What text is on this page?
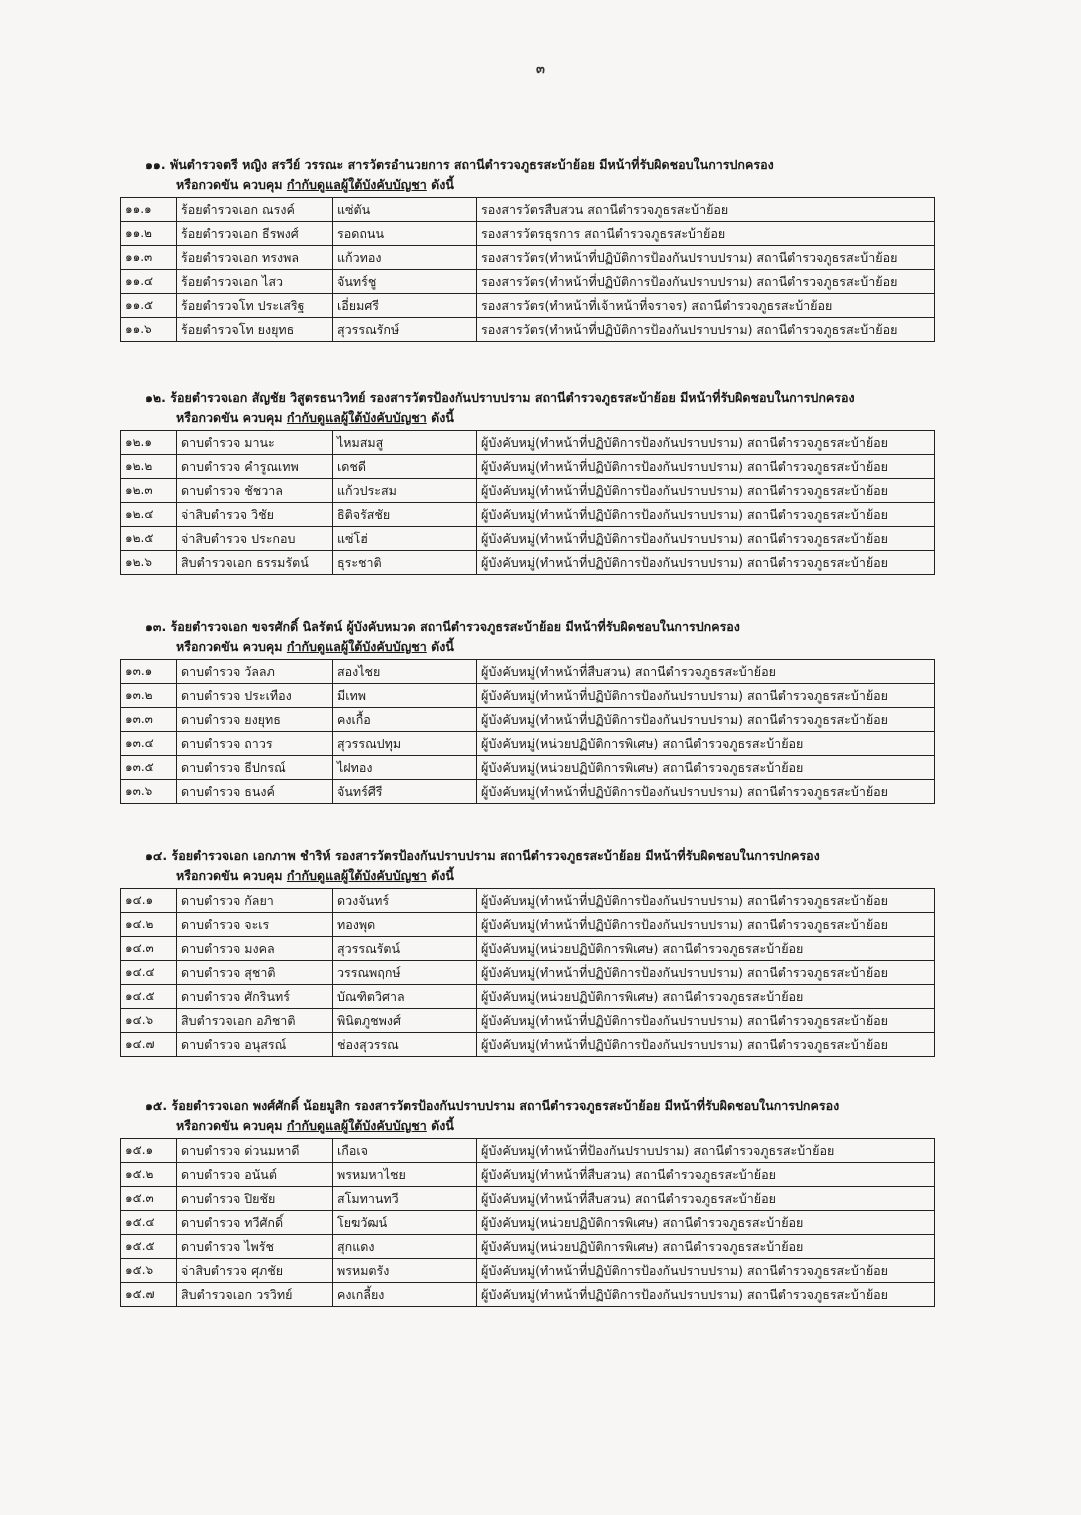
๓
๑๑. พันตำรวจตรี หญิง สรวีย์ วรรณะ สารวัตรอำนวยการ สถานีตำรวจภูธรสะบ้าย้อย มีหน้าที่รับผิดชอบในการปกครอง
หรือกวดขัน ควบคุม กำกับดูแลผู้ใต้บังคับบัญชา ดังนี้
๑๑.๑	ร้อยตำรวจเอก ณรงค์	แซ่ตัน	รองสารวัตรสืบสวน สถานีตำรวจภูธรสะบ้าย้อย
๑๑.๒	ร้อยตำรวจเอก ธีรพงศ์	รอดถนน	รองสารวัตรธุรการ สถานีตำรวจภูธรสะบ้าย้อย
๑๑.๓	ร้อยตำรวจเอก ทรงพล	แก้วทอง	รองสารวัตร(ทำหน้าที่ปฏิบัติการป้องกันปราบปราม) สถานีตำรวจภูธรสะบ้าย้อย
๑๑.๔	ร้อยตำรวจเอก ไสว	จันทร์ชู	รองสารวัตร(ทำหน้าที่ปฏิบัติการป้องกันปราบปราม) สถานีตำรวจภูธรสะบ้าย้อย
๑๑.๕	ร้อยตำรวจโท ประเสริฐ	เอี่ยมศรี	รองสารวัตร(ทำหน้าที่เจ้าหน้าที่จราจร) สถานีตำรวจภูธรสะบ้าย้อย
๑๑.๖	ร้อยตำรวจโท ยงยุทธ	สุวรรณรักษ์	รองสารวัตร(ทำหน้าที่ปฏิบัติการป้องกันปราบปราม) สถานีตำรวจภูธรสะบ้าย้อย
๑๒. ร้อยตำรวจเอก สัญชัย วิสูตรธนาวิทย์ รองสารวัตรป้องกันปราบปราม สถานีตำรวจภูธรสะบ้าย้อย มีหน้าที่รับผิดชอบในการปกครอง
หรือกวดขัน ควบคุม กำกับดูแลผู้ใต้บังคับบัญชา ดังนี้
๑๒.๑	ดาบตำรวจ มานะ	ไหมสมสู	ผู้บังคับหมู่(ทำหน้าที่ปฏิบัติการป้องกันปราบปราม) สถานีตำรวจภูธรสะบ้าย้อย
๑๒.๒	ดาบตำรวจ คำรูณเทพ	เดชดี	ผู้บังคับหมู่(ทำหน้าที่ปฏิบัติการป้องกันปราบปราม) สถานีตำรวจภูธรสะบ้าย้อย
๑๒.๓	ดาบตำรวจ ชัชวาล	แก้วประสม	ผู้บังคับหมู่(ทำหน้าที่ปฏิบัติการป้องกันปราบปราม) สถานีตำรวจภูธรสะบ้าย้อย
๑๒.๔	จ่าสิบตำรวจ วิชัย	ธิติจรัสชัย	ผู้บังคับหมู่(ทำหน้าที่ปฏิบัติการป้องกันปราบปราม) สถานีตำรวจภูธรสะบ้าย้อย
๑๒.๕	จ่าสิบตำรวจ ประกอบ	แซ่โฮ่	ผู้บังคับหมู่(ทำหน้าที่ปฏิบัติการป้องกันปราบปราม) สถานีตำรวจภูธรสะบ้าย้อย
๑๒.๖	สิบตำรวจเอก ธรรมรัตน์	ธุระชาติ	ผู้บังคับหมู่(ทำหน้าที่ปฏิบัติการป้องกันปราบปราม) สถานีตำรวจภูธรสะบ้าย้อย
๑๓. ร้อยตำรวจเอก ขจรศักดิ์ นิลรัตน์ ผู้บังคับหมวด สถานีตำรวจภูธรสะบ้าย้อย มีหน้าที่รับผิดชอบในการปกครอง
หรือกวดขัน ควบคุม กำกับดูแลผู้ใต้บังคับบัญชา ดังนี้
๑๓.๑	ดาบตำรวจ วัลลภ	สองไชย	ผู้บังคับหมู่(ทำหน้าที่สืบสวน) สถานีตำรวจภูธรสะบ้าย้อย
๑๓.๒	ดาบตำรวจ ประเทือง	มีเทพ	ผู้บังคับหมู่(ทำหน้าที่ปฏิบัติการป้องกันปราบปราม) สถานีตำรวจภูธรสะบ้าย้อย
๑๓.๓	ดาบตำรวจ ยงยุทธ	คงเกื้อ	ผู้บังคับหมู่(ทำหน้าที่ปฏิบัติการป้องกันปราบปราม) สถานีตำรวจภูธรสะบ้าย้อย
๑๓.๔	ดาบตำรวจ ถาวร	สุวรรณปทุม	ผู้บังคับหมู่(หน่วยปฏิบัติการพิเศษ) สถานีตำรวจภูธรสะบ้าย้อย
๑๓.๕	ดาบตำรวจ ธีปกรณ์	ไฝทอง	ผู้บังคับหมู่(หน่วยปฏิบัติการพิเศษ) สถานีตำรวจภูธรสะบ้าย้อย
๑๓.๖	ดาบตำรวจ ธนงค์	จันทร์ศีรี	ผู้บังคับหมู่(ทำหน้าที่ปฏิบัติการป้องกันปราบปราม) สถานีตำรวจภูธรสะบ้าย้อย
๑๔. ร้อยตำรวจเอก เอกภาพ ชำริห์ รองสารวัตรป้องกันปราบปราม สถานีตำรวจภูธรสะบ้าย้อย มีหน้าที่รับผิดชอบในการปกครอง
หรือกวดขัน ควบคุม กำกับดูแลผู้ใต้บังคับบัญชา ดังนี้
๑๔.๑	ดาบตำรวจ กัลยา	ดวงจันทร์	ผู้บังคับหมู่(ทำหน้าที่ปฏิบัติการป้องกันปราบปราม) สถานีตำรวจภูธรสะบ้าย้อย
๑๔.๒	ดาบตำรวจ จะเร	ทองพุด	ผู้บังคับหมู่(ทำหน้าที่ปฏิบัติการป้องกันปราบปราม) สถานีตำรวจภูธรสะบ้าย้อย
๑๔.๓	ดาบตำรวจ มงคล	สุวรรณรัตน์	ผู้บังคับหมู่(หน่วยปฏิบัติการพิเศษ) สถานีตำรวจภูธรสะบ้าย้อย
๑๔.๔	ดาบตำรวจ สุชาติ	วรรณพฤกษ์	ผู้บังคับหมู่(ทำหน้าที่ปฏิบัติการป้องกันปราบปราม) สถานีตำรวจภูธรสะบ้าย้อย
๑๔.๕	ดาบตำรวจ ศักรินทร์	บัณฑิตวิศาล	ผู้บังคับหมู่(หน่วยปฏิบัติการพิเศษ) สถานีตำรวจภูธรสะบ้าย้อย
๑๔.๖	สิบตำรวจเอก อภิชาติ	พินิตภูชพงศ์	ผู้บังคับหมู่(ทำหน้าที่ปฏิบัติการป้องกันปราบปราม) สถานีตำรวจภูธรสะบ้าย้อย
๑๔.๗	ดาบตำรวจ อนุสรณ์	ช่องสุวรรณ	ผู้บังคับหมู่(ทำหน้าที่ปฏิบัติการป้องกันปราบปราม) สถานีตำรวจภูธรสะบ้าย้อย
๑๕. ร้อยตำรวจเอก พงศ์ศักดิ์ น้อยมูสิก รองสารวัตรป้องกันปราบปราม สถานีตำรวจภูธรสะบ้าย้อย มีหน้าที่รับผิดชอบในการปกครอง
หรือกวดขัน ควบคุม กำกับดูแลผู้ใต้บังคับบัญชา ดังนี้
๑๕.๑	ดาบตำรวจ ด่วนมหาดี	เกือเจ	ผู้บังคับหมู่(ทำหน้าที่ป้องกันปราบปราม) สถานีตำรวจภูธรสะบ้าย้อย
๑๕.๒	ดาบตำรวจ อนันต์	พรหมหาไชย	ผู้บังคับหมู่(ทำหน้าที่สืบสวน) สถานีตำรวจภูธรสะบ้าย้อย
๑๕.๓	ดาบตำรวจ ปิยชัย	สโมทานทวี	ผู้บังคับหมู่(ทำหน้าที่สืบสวน) สถานีตำรวจภูธรสะบ้าย้อย
๑๕.๔	ดาบตำรวจ ทวีศักดิ์	โยฆวัฒน์	ผู้บังคับหมู่(หน่วยปฏิบัติการพิเศษ) สถานีตำรวจภูธรสะบ้าย้อย
๑๕.๕	ดาบตำรวจ ไพรัช	สุกแดง	ผู้บังคับหมู่(หน่วยปฏิบัติการพิเศษ) สถานีตำรวจภูธรสะบ้าย้อย
๑๕.๖	จ่าสิบตำรวจ ศุภชัย	พรหมตรัง	ผู้บังคับหมู่(ทำหน้าที่ปฏิบัติการป้องกันปราบปราม) สถานีตำรวจภูธรสะบ้าย้อย
๑๕.๗	สิบตำรวจเอก วรวิทย์	คงเกลี้ยง	ผู้บังคับหมู่(ทำหน้าที่ปฏิบัติการป้องกันปราบปราม) สถานีตำรวจภูธรสะบ้าย้อย
